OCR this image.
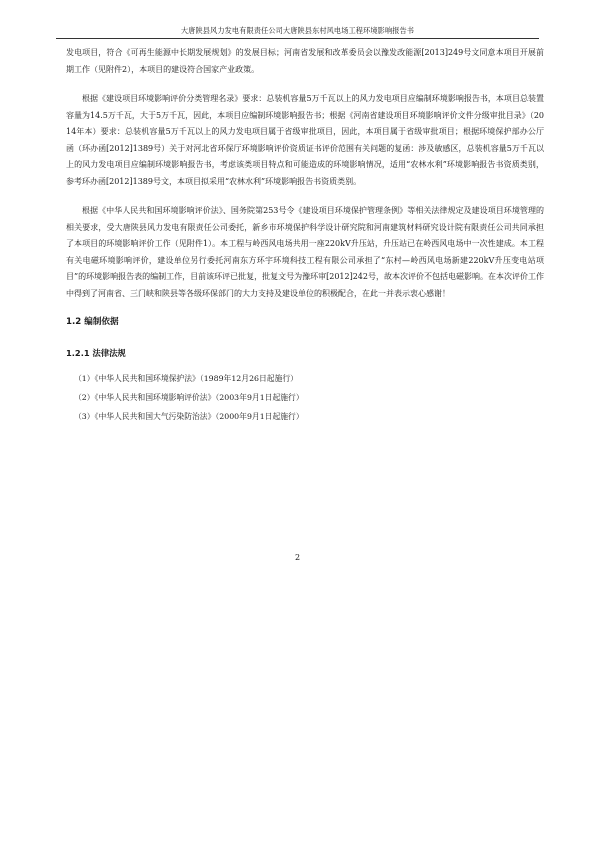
大唐陕县风力发电有限责任公司大唐陕县东村风电场工程环境影响报告书

发电项目，符合《可再生能源中长期发展规划》的发展目标；河南省发展和改革委员会以豫发改能源[2013]249号文同意本项目开展前期工作（见附件2），本项目的建设符合国家产业政策。

根据《建设项目环境影响评价分类管理名录》要求：总装机容量5万千瓦以上的风力发电项目应编制环境影响报告书，本项目总装置容量为14.5万千瓦，大于5万千瓦，因此，本项目应编制环境影响报告书；根据《河南省建设项目环境影响评价文件分级审批目录》（2014年本）要求：总装机容量5万千瓦以上的风力发电项目属于省级审批项目，因此，本项目属于省级审批项目；根据环境保护部办公厅函（环办函[2012]1389号）关于对河北省环保厅环境影响评价资质证书评价范围有关问题的复函：涉及敏感区，总装机容量5万千瓦以上的风力发电项目应编制环境影响报告书，考虑该类项目特点和可能造成的环境影响情况，适用“农林水利”环境影响报告书资质类别，参考环办函[2012]1389号文，本项目拟采用“农林水利”环境影响报告书资质类别。

根据《中华人民共和国环境影响评价法》、国务院第253号令《建设项目环境保护管理条例》等相关法律规定及建设项目环境管理的相关要求，受大唐陕县风力发电有限责任公司委托，新乡市环境保护科学设计研究院和河南建筑材料研究设计院有限责任公司共同承担了本项目的环境影响评价工作（见附件1）。本工程与岭西风电场共用一座220kV升压站，升压站已在岭西风电场中一次性建成。本工程有关电磁环境影响评价，建设单位另行委托河南东方环宇环境科技工程有限公司承担了“东村—岭西风电场新建220kV升压变电站项目”的环境影响报告表的编制工作，目前该环评已批复，批复文号为豫环审[2012]242号，故本次评价不包括电磁影响。在本次评价工作中得到了河南省、三门峡和陕县等各级环保部门的大力支持及建设单位的积极配合，在此一并表示衷心感谢！

1.2 编制依据
1.2.1 法律法规
（1）《中华人民共和国环境保护法》（1989年12月26日起施行）
（2）《中华人民共和国环境影响评价法》（2003年9月1日起施行）
（3）《中华人民共和国大气污染防治法》（2000年9月1日起施行）
2
